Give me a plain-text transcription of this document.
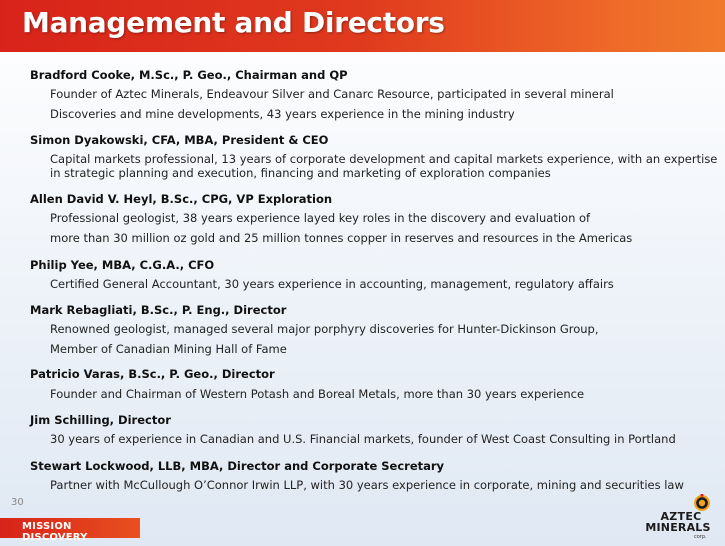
Management and Directors
Bradford Cooke, M.Sc., P. Geo., Chairman and QP
Founder of Aztec Minerals, Endeavour Silver and Canarc Resource, participated in several mineral
Discoveries and mine developments, 43 years experience in the mining industry
Simon Dyakowski, CFA, MBA, President & CEO
Capital markets professional, 13 years of corporate development and capital markets experience, with an expertise
in strategic planning and execution, financing and marketing of exploration companies
Allen David V. Heyl, B.Sc., CPG, VP Exploration
Professional geologist, 38 years experience layed key roles in the discovery and evaluation of
more than 30 million oz gold and 25 million tonnes copper in reserves and resources in the Americas
Philip Yee, MBA, C.G.A., CFO
Certified General Accountant, 30 years experience in accounting, management, regulatory affairs
Mark Rebagliati, B.Sc., P. Eng., Director
Renowned geologist, managed several major porphyry discoveries for Hunter-Dickinson Group,
Member of Canadian Mining Hall of Fame
Patricio Varas, B.Sc., P. Geo., Director
Founder and Chairman of Western Potash and Boreal Metals, more than 30 years experience
Jim Schilling, Director
30 years of experience in Canadian and U.S. Financial markets, founder of West Coast Consulting in Portland
Stewart Lockwood, LLB, MBA, Director and Corporate Secretary
Partner with McCullough O’Connor Irwin LLP, with 30 years experience in corporate, mining and securities law
30
MISSION DISCOVERY
AZTEC
MINERALS
corp.
